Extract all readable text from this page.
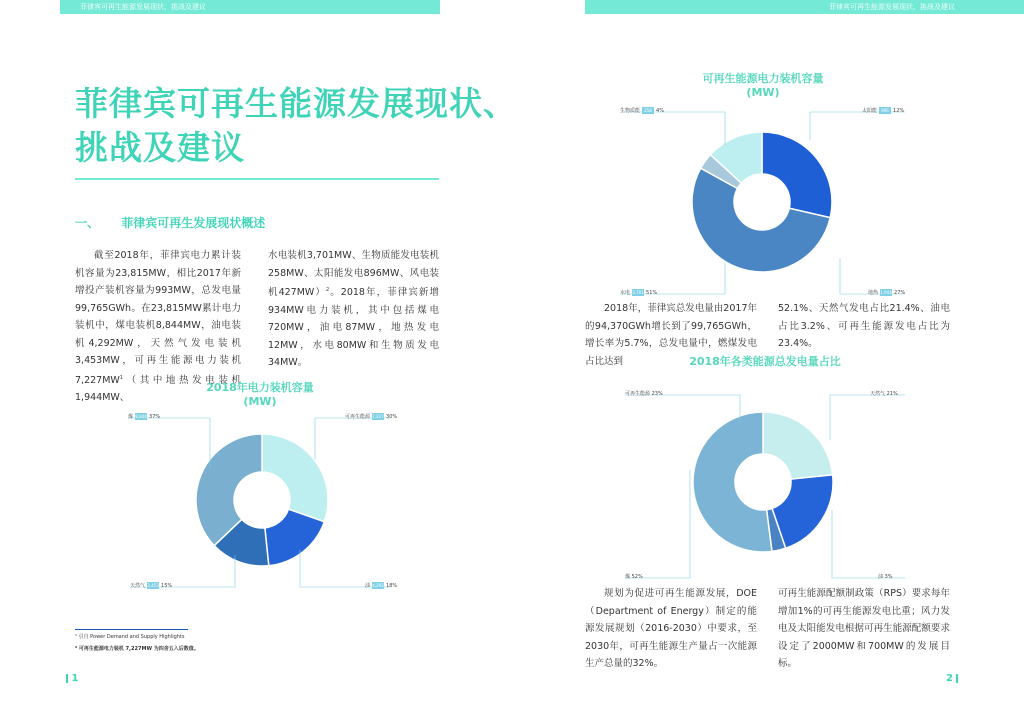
菲律宾可再生能源发展现状、挑战及建议	菲律宾可再生能源发展现状、挑战及建议
菲律宾可再生能源发展现状、
挑战及建议
一、 菲律宾可再生发展现状概述
截至2018年，菲律宾电力累计装机容量为23,815MW，相比2017年新增投产装机容量为993MW，总发电量99,765GWh。在23,815MW累计电力装机中，煤电装机8,844MW，油电装机4,292MW，天然气发电装机3,453MW，可再生能源电力装机$7,227MW^1$（其中地热发电装机1,944MW、
水电装机3,701MW、生物质能发电装机258MW、太阳能发电896MW、风电装机427MW）$^2$。2018年，菲律宾新增934MW电力装机，其中包括煤电720MW，油电87MW，地热发电12MW，水电80MW和生物质发电34MW。
2018年电力装机容量
(MW)
可再生能源电力装机容量
(MW)
2018年各类能源总发电量占比
煤 8,844 37%	可再生能源 7,227 30%
天然气 3,453 15%	油 4,292 18%
生物质能 258 4%	太阳能 896 12%
水电 3,701 51%	地热 1,944 27%
2018年，菲律宾总发电量由2017年的94,370GWh增长到了99,765GWh，增长率为5.7%，总发电量中，燃煤发电占比达到
52.1%、天然气发电占比21.4%、油电占比3.2%、可再生能源发电占比为23.4%。
可再生能源 23%	天然气 21%
煤 52%	油 3%
规划为促进可再生能源发展，DOE（Department of Energy）制定的能源发展规划（2016-2030）中要求，至2030年，可再生能源生产量占一次能源生产总量的32%。
可再生能源配额制政策（RPS）要求每年增加1%的可再生能源发电比重；风力发电及太阳能发电根据可再生能源配额要求设定了2000MW和700MW的发展目标。
¹ 引自 Power Demand and Supply Highlights
² 可再生能源电力装机 7,227MW 为四舍五入后数值。
1	2
